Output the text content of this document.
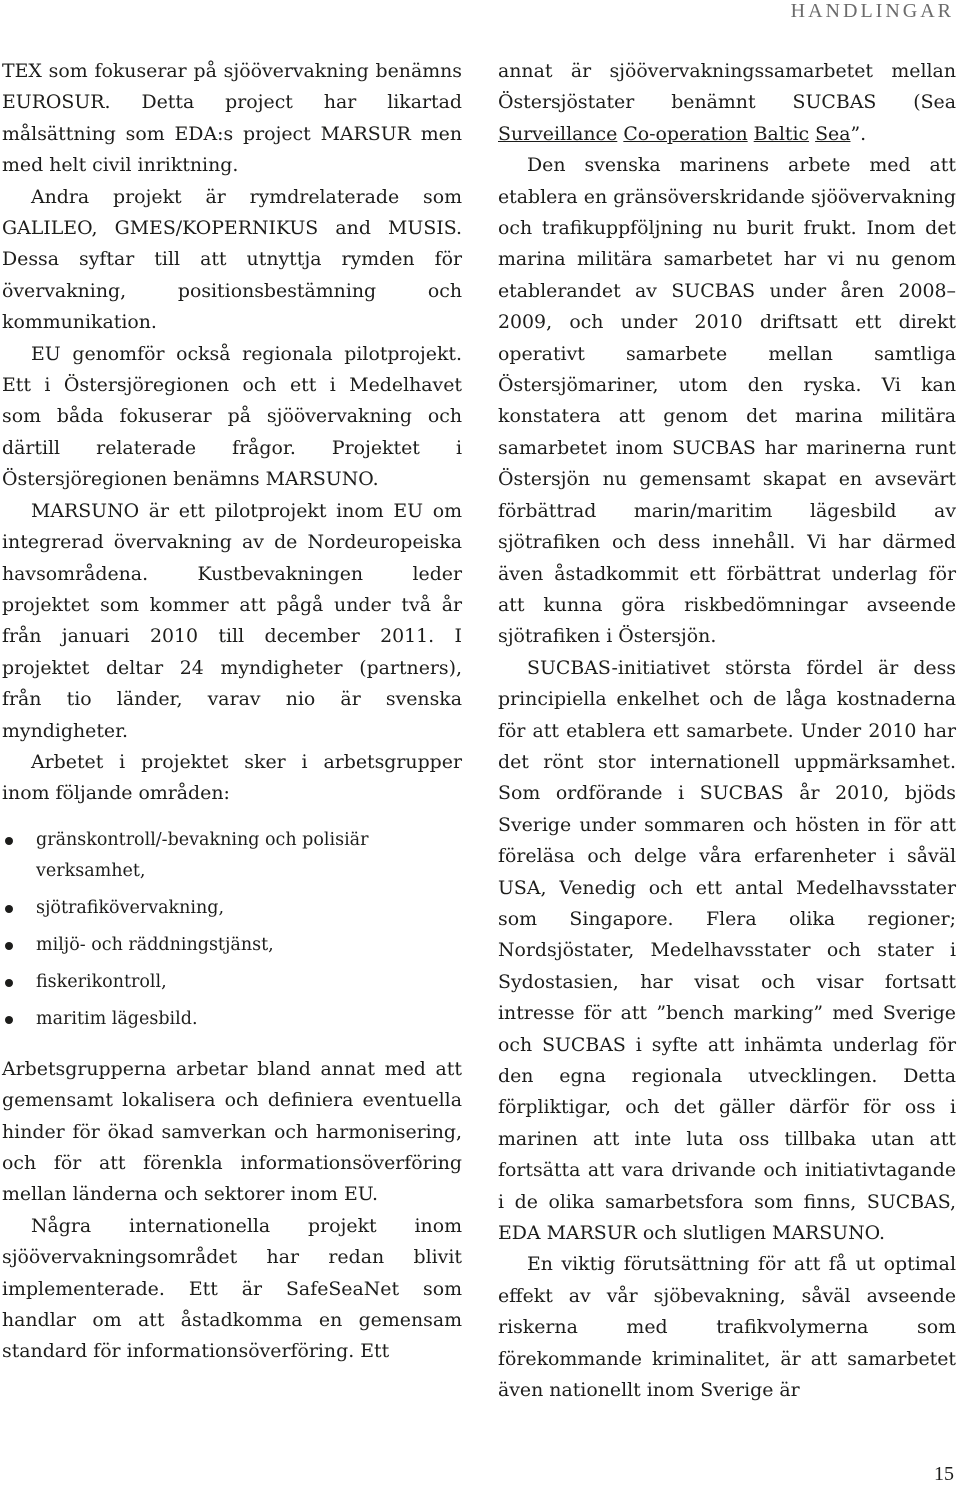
HANDLINGAR

TEX som fokuserar på sjöövervakning benämns EUROSUR. Detta project har likartad målsättning som EDA:s project MARSUR men med helt civil inriktning.

Andra projekt är rymdrelaterade som GALILEO, GMES/KOPERNIKUS and MUSIS. Dessa syftar till att utnyttja rymden för övervakning, positionsbestämning och kommunikation.

EU genomför också regionala pilotprojekt. Ett i Östersjöregionen och ett i Medelhavet som båda fokuserar på sjöövervakning och därtill relaterade frågor. Projektet i Östersjöregionen benämns MARSUNO.

MARSUNO är ett pilotprojekt inom EU om integrerad övervakning av de Nordeuropeiska havsområdena. Kustbevakningen leder projektet som kommer att pågå under två år från januari 2010 till december 2011. I projektet deltar 24 myndigheter (partners), från tio länder, varav nio är svenska myndigheter.

Arbetet i projektet sker i arbetsgrupper inom följande områden:

gränskontroll/-bevakning och polisiär verksamhet,
sjötrafikövervakning,
miljö- och räddningstjänst,
fiskerikontroll,
maritim lägesbild.

Arbetsgrupperna arbetar bland annat med att gemensamt lokalisera och definiera eventuella hinder för ökad samverkan och harmonisering, och för att förenkla informationsöverföring mellan länderna och sektorer inom EU.

Några internationella projekt inom sjöövervakningsområdet har redan blivit implementerade. Ett är SafeSeaNet som handlar om att åstadkomma en gemensam standard för informationsöverföring. Ett

annat är sjöövervakningssamarbetet mellan Östersjöstater benämnt SUCBAS (Sea Surveillance Co-operation Baltic Sea”.

Den svenska marinens arbete med att etablera en gränsöverskridande sjöövervakning och trafikuppföljning nu burit frukt. Inom det marina militära samarbetet har vi nu genom etablerandet av SUCBAS under åren 2008–2009, och under 2010 driftsatt ett direkt operativt samarbete mellan samtliga Östersjömariner, utom den ryska. Vi kan konstatera att genom det marina militära samarbetet inom SUCBAS har marinerna runt Östersjön nu gemensamt skapat en avsevärt förbättrad marin/maritim lägesbild av sjötrafiken och dess innehåll. Vi har därmed även åstadkommit ett förbättrat underlag för att kunna göra riskbedömningar avseende sjötrafiken i Östersjön.

SUCBAS-initiativet största fördel är dess principiella enkelhet och de låga kostnaderna för att etablera ett samarbete. Under 2010 har det rönt stor internationell uppmärksamhet. Som ordförande i SUCBAS år 2010, bjöds Sverige under sommaren och hösten in för att föreläsa och delge våra erfarenheter i såväl USA, Venedig och ett antal Medelhavsstater som Singapore. Flera olika regioner; Nordsjöstater, Medelhavsstater och stater i Sydostasien, har visat och visar fortsatt intresse för att ”bench marking” med Sverige och SUCBAS i syfte att inhämta underlag för den egna regionala utvecklingen. Detta förpliktigar, och det gäller därför för oss i marinen att inte luta oss tillbaka utan att fortsätta att vara drivande och initiativtagande i de olika samarbetsfora som finns, SUCBAS, EDA MARSUR och slutligen MARSUNO.

En viktig förutsättning för att få ut optimal effekt av vår sjöbevakning, såväl avseende riskerna med trafikvolymerna som förekommande kriminalitet, är att samarbetet även nationellt inom Sverige är

15
